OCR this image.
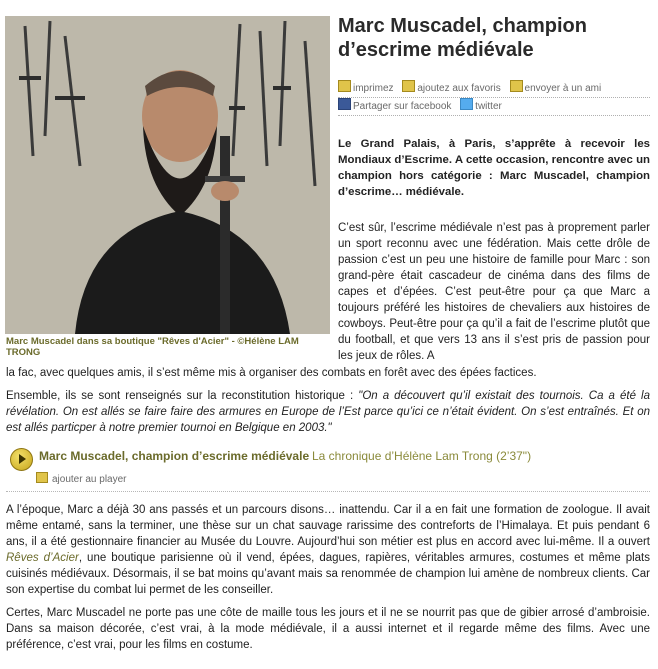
Marc Muscadel dans sa boutique "Rêves d'Acier" - ©Hélène LAM TRONG
Marc Muscadel, champion d’escrime médiévale
imprimez ajoutez aux favoris envoyer à un ami
Partager sur facebook twitter

Le Grand Palais, à Paris, s’apprête à recevoir les Mondiaux d’Escrime. A cette occasion, rencontre avec un champion hors catégorie : Marc Muscadel, champion d’escrime… médiévale.

C’est sûr, l’escrime médiévale n’est pas à proprement parler un sport reconnu avec une fédération. Mais cette drôle de passion c’est un peu une histoire de famille pour Marc : son grand-père était cascadeur de cinéma dans des films de capes et d’épées. C’est peut-être pour ça que Marc a toujours préféré les histoires de chevaliers aux histoires de cowboys. Peut-être pour ça qu’il a fait de l’escrime plutôt que du football, et que vers 13 ans il s’est pris de passion pour les jeux de rôles. A

la fac, avec quelques amis, il s’est même mis à organiser des combats en forêt avec des épées factices.

Ensemble, ils se sont renseignés sur la reconstitution historique : "On a découvert qu’il existait des tournois. Ca a été la révélation. On est allés se faire faire des armures en Europe de l’Est parce qu’ici ce n’était évident. On s’est entraînés. Et on est allés particper à notre premier tournoi en Belgique en 2003."

Marc Muscadel, champion d’escrime médiévale La chronique d’Hélène Lam Trong (2’37")
ajouter au player

A l’époque, Marc a déjà 30 ans passés et un parcours disons… inattendu. Car il a en fait une formation de zoologue. Il avait même entamé, sans la terminer, une thèse sur un chat sauvage rarissime des contreforts de l’Himalaya. Et puis pendant 6 ans, il a été gestionnaire financier au Musée du Louvre. Aujourd’hui son métier est plus en accord avec lui-même. Il a ouvert Rêves d’Acier, une boutique parisienne où il vend, épées, dagues, rapières, véritables armures, costumes et même plats cuisinés médiévaux. Désormais, il se bat moins qu’avant mais sa renommée de champion lui amène de nombreux clients. Car son expertise du combat lui permet de les conseiller.

Certes, Marc Muscadel ne porte pas une côte de maille tous les jours et il ne se nourrit pas que de gibier arrosé d’ambroisie. Dans sa maison décorée, c’est vrai, à la mode médiévale, il a aussi internet et il regarde même des films. Avec une préférence, c’est vrai, pour les films en costume.
